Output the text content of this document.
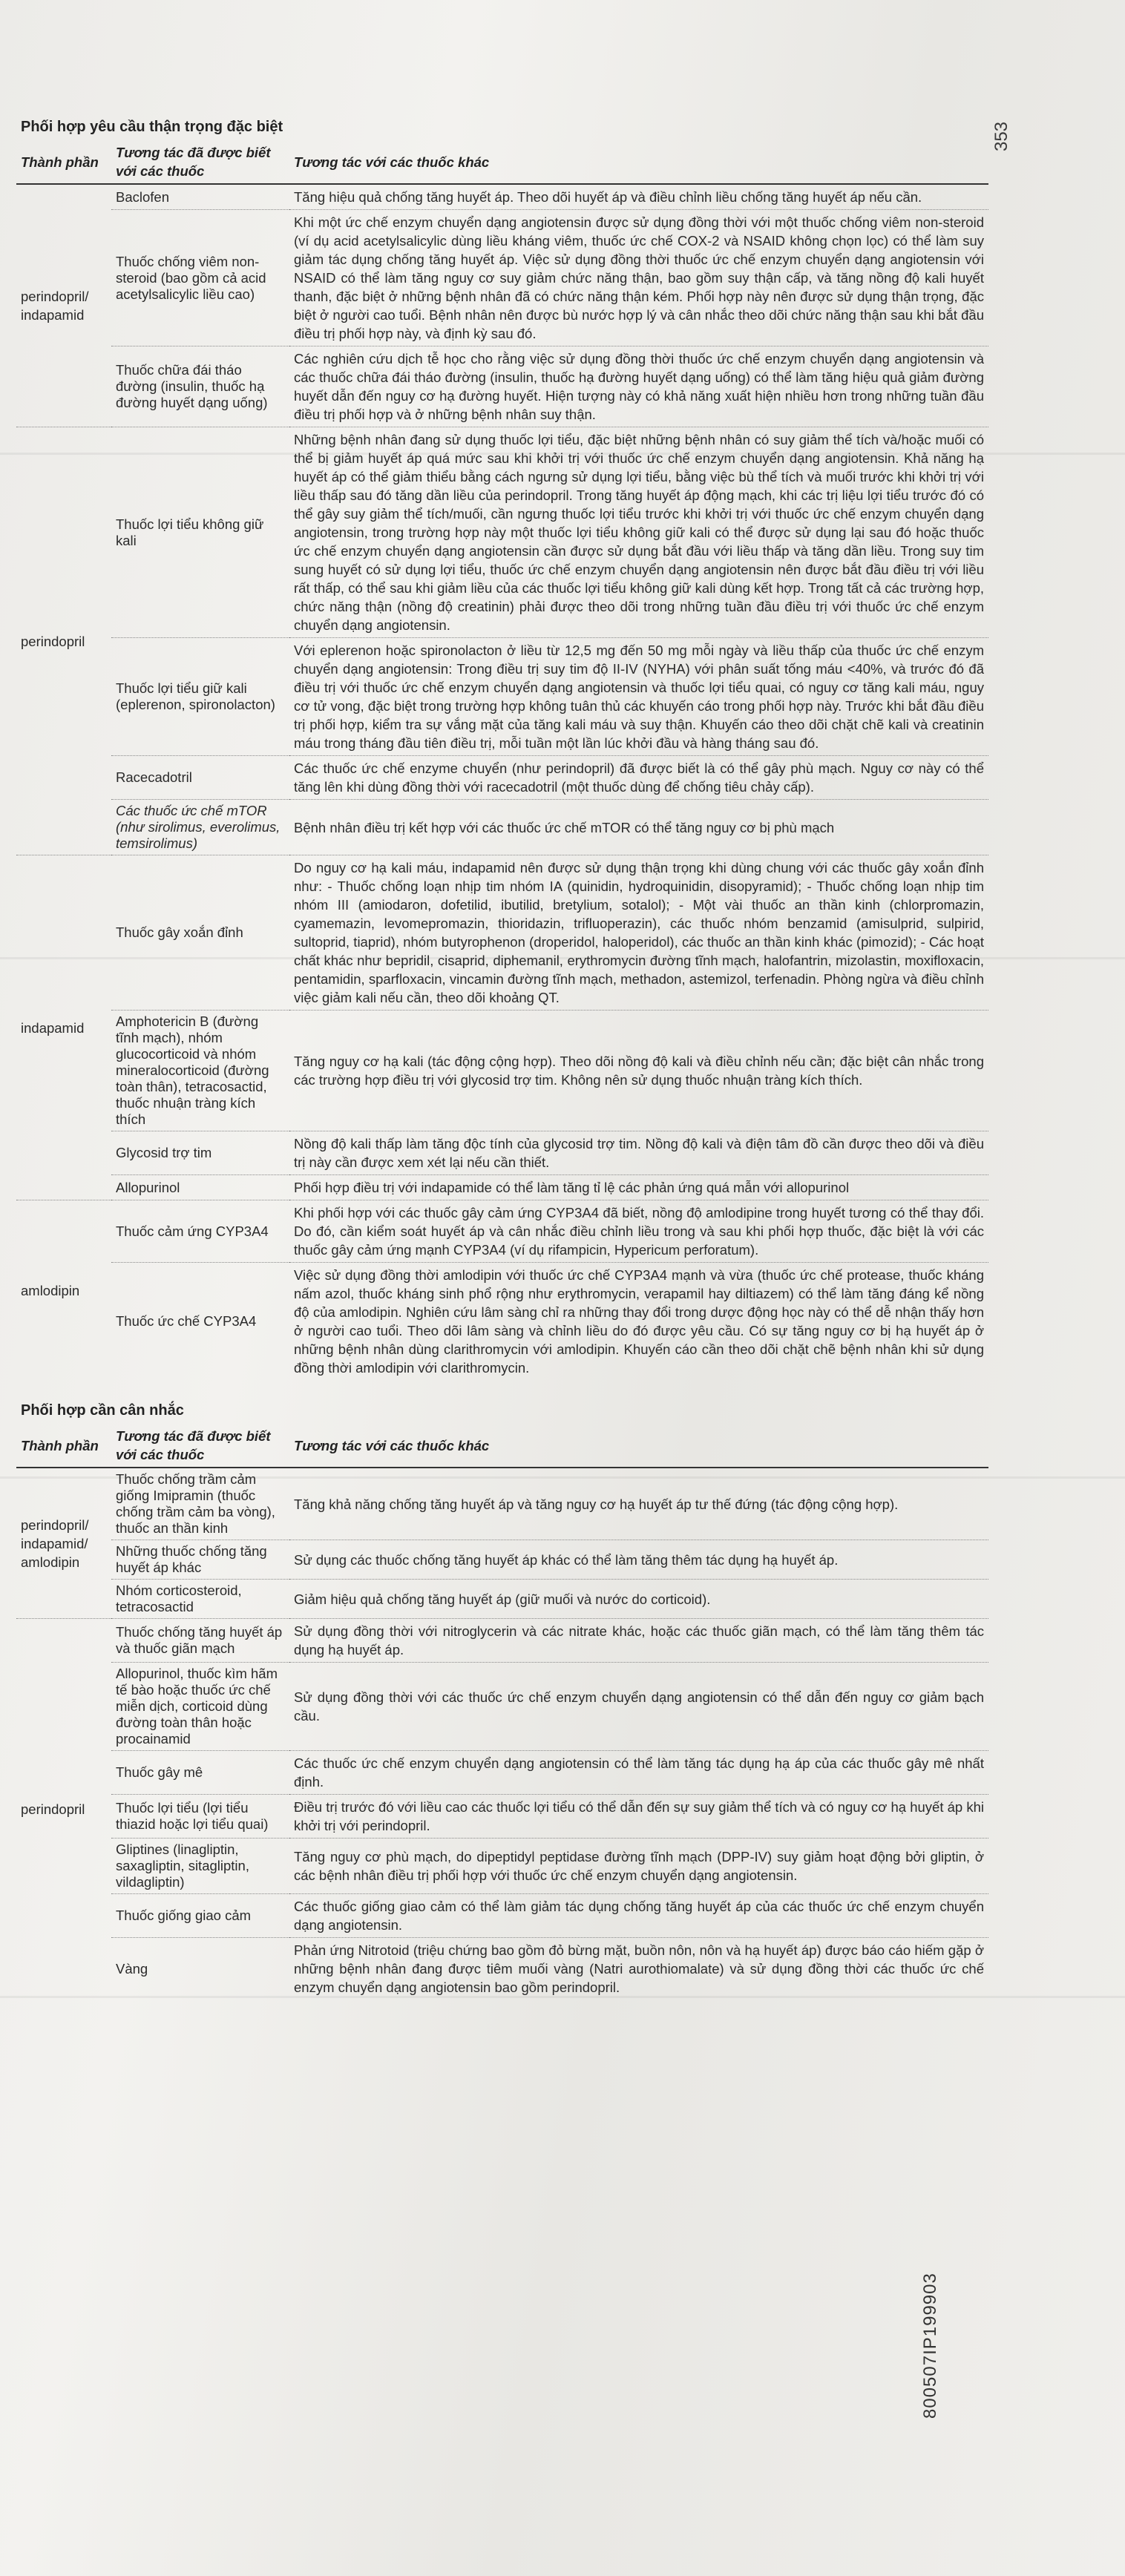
353
800507IP199903
Phối hợp yêu cầu thận trọng đặc biệt
Thành phần	Tương tác đã được biết với các thuốc	Tương tác với các thuốc khác
perindopril/ indapamid	Baclofen	Tăng hiệu quả chống tăng huyết áp. Theo dõi huyết áp và điều chỉnh liều chống tăng huyết áp nếu cần.
	Thuốc chống viêm non-steroid (bao gồm cả acid acetylsalicylic liều cao)	Khi một ức chế enzym chuyển dạng angiotensin được sử dụng đồng thời với một thuốc chống viêm non-steroid (ví dụ acid acetylsalicylic dùng liều kháng viêm, thuốc ức chế COX-2 và NSAID không chọn lọc) có thể làm suy giảm tác dụng chống tăng huyết áp. Việc sử dụng đồng thời thuốc ức chế enzym chuyển dạng angiotensin với NSAID có thể làm tăng nguy cơ suy giảm chức năng thận, bao gồm suy thận cấp, và tăng nồng độ kali huyết thanh, đặc biệt ở những bệnh nhân đã có chức năng thận kém. Phối hợp này nên được sử dụng thận trọng, đặc biệt ở người cao tuổi. Bệnh nhân nên được bù nước hợp lý và cân nhắc theo dõi chức năng thận sau khi bắt đầu điều trị phối hợp này, và định kỳ sau đó.
	Thuốc chữa đái tháo đường (insulin, thuốc hạ đường huyết dạng uống)	Các nghiên cứu dịch tễ học cho rằng việc sử dụng đồng thời thuốc ức chế enzym chuyển dạng angiotensin và các thuốc chữa đái tháo đường (insulin, thuốc hạ đường huyết dạng uống) có thể làm tăng hiệu quả giảm đường huyết dẫn đến nguy cơ hạ đường huyết. Hiện tượng này có khả năng xuất hiện nhiều hơn trong những tuần đầu điều trị phối hợp và ở những bệnh nhân suy thận.
perindopril	Thuốc lợi tiểu không giữ kali	Những bệnh nhân đang sử dụng thuốc lợi tiểu, đặc biệt những bệnh nhân có suy giảm thể tích và/hoặc muối có thể bị giảm huyết áp quá mức sau khi khởi trị với thuốc ức chế enzym chuyển dạng angiotensin. Khả năng hạ huyết áp có thể giảm thiểu bằng cách ngưng sử dụng lợi tiểu, bằng việc bù thể tích và muối trước khi khởi trị với liều thấp sau đó tăng dần liều của perindopril. Trong tăng huyết áp động mạch, khi các trị liệu lợi tiểu trước đó có thể gây suy giảm thể tích/muối, cần ngưng thuốc lợi tiểu trước khi khởi trị với thuốc ức chế enzym chuyển dạng angiotensin, trong trường hợp này một thuốc lợi tiểu không giữ kali có thể được sử dụng lại sau đó hoặc thuốc ức chế enzym chuyển dạng angiotensin cần được sử dụng bắt đầu với liều thấp và tăng dần liều. Trong suy tim sung huyết có sử dụng lợi tiểu, thuốc ức chế enzym chuyển dạng angiotensin nên được bắt đầu điều trị với liều rất thấp, có thể sau khi giảm liều của các thuốc lợi tiểu không giữ kali dùng kết hợp. Trong tất cả các trường hợp, chức năng thận (nồng độ creatinin) phải được theo dõi trong những tuần đầu điều trị với thuốc ức chế enzym chuyển dạng angiotensin.
	Thuốc lợi tiểu giữ kali (eplerenon, spironolacton)	Với eplerenon hoặc spironolacton ở liều từ 12,5 mg đến 50 mg mỗi ngày và liều thấp của thuốc ức chế enzym chuyển dạng angiotensin: Trong điều trị suy tim độ II-IV (NYHA) với phân suất tống máu <40%, và trước đó đã điều trị với thuốc ức chế enzym chuyển dạng angiotensin và thuốc lợi tiểu quai, có nguy cơ tăng kali máu, nguy cơ tử vong, đặc biệt trong trường hợp không tuân thủ các khuyến cáo trong phối hợp này. Trước khi bắt đầu điều trị phối hợp, kiểm tra sự vắng mặt của tăng kali máu và suy thận. Khuyến cáo theo dõi chặt chẽ kali và creatinin máu trong tháng đầu tiên điều trị, mỗi tuần một lần lúc khởi đầu và hàng tháng sau đó.
	Racecadotril	Các thuốc ức chế enzyme chuyển (như perindopril) đã được biết là có thể gây phù mạch. Nguy cơ này có thể tăng lên khi dùng đồng thời với racecadotril (một thuốc dùng để chống tiêu chảy cấp).
	Các thuốc ức chế mTOR (như sirolimus, everolimus, temsirolimus)	Bệnh nhân điều trị kết hợp với các thuốc ức chế mTOR có thể tăng nguy cơ bị phù mạch
indapamid	Thuốc gây xoắn đỉnh	Do nguy cơ hạ kali máu, indapamid nên được sử dụng thận trọng khi dùng chung với các thuốc gây xoắn đỉnh như: - Thuốc chống loạn nhịp tim nhóm IA (quinidin, hydroquinidin, disopyramid); - Thuốc chống loạn nhịp tim nhóm III (amiodaron, dofetilid, ibutilid, bretylium, sotalol); - Một vài thuốc an thần kinh (chlorpromazin, cyamemazin, levomepromazin, thioridazin, trifluoperazin), các thuốc nhóm benzamid (amisulprid, sulpirid, sultoprid, tiaprid), nhóm butyrophenon (droperidol, haloperidol), các thuốc an thần kinh khác (pimozid); - Các hoạt chất khác như bepridil, cisaprid, diphemanil, erythromycin đường tĩnh mạch, halofantrin, mizolastin, moxifloxacin, pentamidin, sparfloxacin, vincamin đường tĩnh mạch, methadon, astemizol, terfenadin. Phòng ngừa và điều chỉnh việc giảm kali nếu cần, theo dõi khoảng QT.
	Amphotericin B (đường tĩnh mạch), nhóm glucocorticoid và nhóm mineralocorticoid (đường toàn thân), tetracosactid, thuốc nhuận tràng kích thích	Tăng nguy cơ hạ kali (tác động cộng hợp). Theo dõi nồng độ kali và điều chỉnh nếu cần; đặc biệt cân nhắc trong các trường hợp điều trị với glycosid trợ tim. Không nên sử dụng thuốc nhuận tràng kích thích.
	Glycosid trợ tim	Nồng độ kali thấp làm tăng độc tính của glycosid trợ tim. Nồng độ kali và điện tâm đồ cần được theo dõi và điều trị này cần được xem xét lại nếu cần thiết.
	Allopurinol	Phối hợp điều trị với indapamide có thể làm tăng tỉ lệ các phản ứng quá mẫn với allopurinol
amlodipin	Thuốc cảm ứng CYP3A4	Khi phối hợp với các thuốc gây cảm ứng CYP3A4 đã biết, nồng độ amlodipine trong huyết tương có thể thay đổi. Do đó, cần kiểm soát huyết áp và cân nhắc điều chỉnh liều trong và sau khi phối hợp thuốc, đặc biệt là với các thuốc gây cảm ứng mạnh CYP3A4 (ví dụ rifampicin, Hypericum perforatum).
	Thuốc ức chế CYP3A4	Việc sử dụng đồng thời amlodipin với thuốc ức chế CYP3A4 mạnh và vừa (thuốc ức chế protease, thuốc kháng nấm azol, thuốc kháng sinh phổ rộng như erythromycin, verapamil hay diltiazem) có thể làm tăng đáng kể nồng độ của amlodipin. Nghiên cứu lâm sàng chỉ ra những thay đổi trong dược động học này có thể dễ nhận thấy hơn ở người cao tuổi. Theo dõi lâm sàng và chỉnh liều do đó được yêu cầu. Có sự tăng nguy cơ bị hạ huyết áp ở những bệnh nhân dùng clarithromycin với amlodipin. Khuyến cáo cần theo dõi chặt chẽ bệnh nhân khi sử dụng đồng thời amlodipin với clarithromycin.
Phối hợp cần cân nhắc
Thành phần	Tương tác đã được biết với các thuốc	Tương tác với các thuốc khác
perindopril/ indapamid/ amlodipin	Thuốc chống trầm cảm giống Imipramin (thuốc chống trầm cảm ba vòng), thuốc an thần kinh	Tăng khả năng chống tăng huyết áp và tăng nguy cơ hạ huyết áp tư thế đứng (tác động cộng hợp).
	Những thuốc chống tăng huyết áp khác	Sử dụng các thuốc chống tăng huyết áp khác có thể làm tăng thêm tác dụng hạ huyết áp.
	Nhóm corticosteroid, tetracosactid	Giảm hiệu quả chống tăng huyết áp (giữ muối và nước do corticoid).
perindopril	Thuốc chống tăng huyết áp và thuốc giãn mạch	Sử dụng đồng thời với nitroglycerin và các nitrate khác, hoặc các thuốc giãn mạch, có thể làm tăng thêm tác dụng hạ huyết áp.
	Allopurinol, thuốc kìm hãm tế bào hoặc thuốc ức chế miễn dịch, corticoid dùng đường toàn thân hoặc procainamid	Sử dụng đồng thời với các thuốc ức chế enzym chuyển dạng angiotensin có thể dẫn đến nguy cơ giảm bạch cầu.
	Thuốc gây mê	Các thuốc ức chế enzym chuyển dạng angiotensin có thể làm tăng tác dụng hạ áp của các thuốc gây mê nhất định.
	Thuốc lợi tiểu (lợi tiểu thiazid hoặc lợi tiểu quai)	Điều trị trước đó với liều cao các thuốc lợi tiểu có thể dẫn đến sự suy giảm thể tích và có nguy cơ hạ huyết áp khi khởi trị với perindopril.
	Gliptines (linagliptin, saxagliptin, sitagliptin, vildagliptin)	Tăng nguy cơ phù mạch, do dipeptidyl peptidase đường tĩnh mạch (DPP-IV) suy giảm hoạt động bởi gliptin, ở các bệnh nhân điều trị phối hợp với thuốc ức chế enzym chuyển dạng angiotensin.
	Thuốc giống giao cảm	Các thuốc giống giao cảm có thể làm giảm tác dụng chống tăng huyết áp của các thuốc ức chế enzym chuyển dạng angiotensin.
	Vàng	Phản ứng Nitrotoid (triệu chứng bao gồm đỏ bừng mặt, buồn nôn, nôn và hạ huyết áp) được báo cáo hiếm gặp ở những bệnh nhân đang được tiêm muối vàng (Natri aurothiomalate) và sử dụng đồng thời các thuốc ức chế enzym chuyển dạng angiotensin bao gồm perindopril.
